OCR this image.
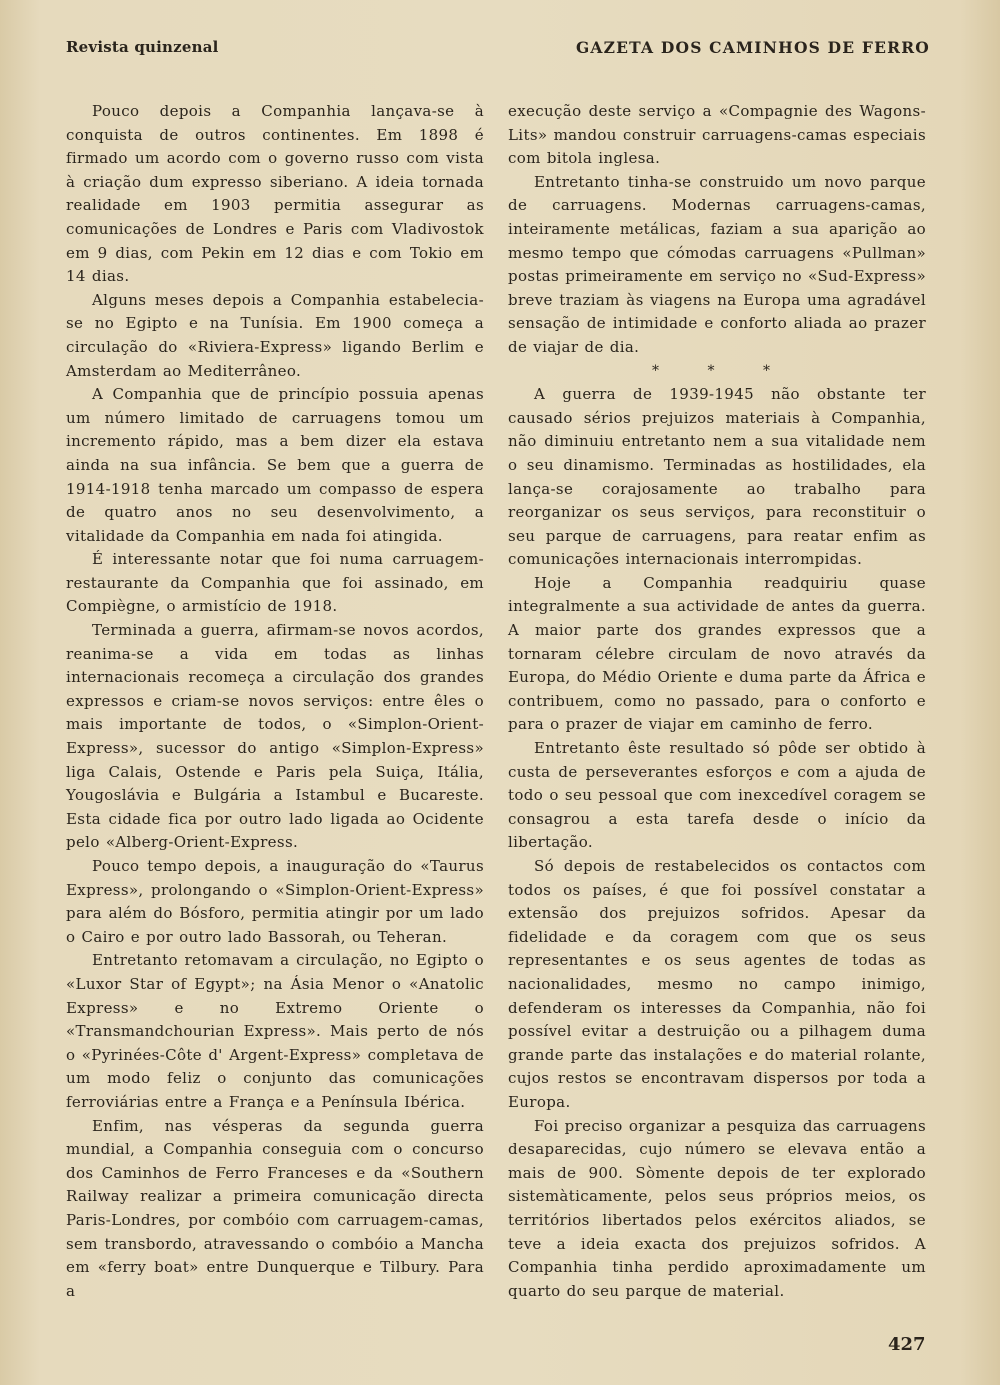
Revista quinzenal	GAZETA DOS CAMINHOS DE FERRO

Pouco depois a Companhia lançava-se à conquista de outros continentes. Em 1898 é firmado um acordo com o governo russo com vista à criação dum expresso siberiano. A ideia tornada realidade em 1903 permitia assegurar as comunicações de Londres e Paris com Vladivostok em 9 dias, com Pekin em 12 dias e com Tokio em 14 dias.

Alguns meses depois a Companhia estabelecia-se no Egipto e na Tunísia. Em 1900 começa a circulação do «Riviera-Express» ligando Berlim e Amsterdam ao Mediterrâneo.

A Companhia que de princípio possuia apenas um número limitado de carruagens tomou um incremento rápido, mas a bem dizer ela estava ainda na sua infância. Se bem que a guerra de 1914-1918 tenha marcado um compasso de espera de quatro anos no seu desenvolvimento, a vitalidade da Companhia em nada foi atingida.

É interessante notar que foi numa carruagem-restaurante da Companhia que foi assinado, em Compiègne, o armistício de 1918.

Terminada a guerra, afirmam-se novos acordos, reanima-se a vida em todas as linhas internacionais recomeça a circulação dos grandes expressos e criam-se novos serviços: entre êles o mais importante de todos, o «Simplon-Orient-Express», sucessor do antigo «Simplon-Express» liga Calais, Ostende e Paris pela Suiça, Itália, Yougoslávia e Bulgária a Istambul e Bucareste. Esta cidade fica por outro lado ligada ao Ocidente pelo «Alberg-Orient-Express.

Pouco tempo depois, a inauguração do «Taurus Express», prolongando o «Simplon-Orient-Express» para além do Bósforo, permitia atingir por um lado o Cairo e por outro lado Bassorah, ou Teheran.

Entretanto retomavam a circulação, no Egipto o «Luxor Star of Egypt»; na Ásia Menor o «Anatolic Express» e no Extremo Oriente o «Transmandchourian Express». Mais perto de nós o «Pyrinées-Côte d' Argent-Express» completava de um modo feliz o conjunto das comunicações ferroviárias entre a França e a Península Ibérica.

Enfim, nas vésperas da segunda guerra mundial, a Companhia conseguia com o concurso dos Caminhos de Ferro Franceses e da «Southern Railway realizar a primeira comunicação directa Paris-Londres, por combóio com carruagem-camas, sem transbordo, atravessando o combóio a Mancha em «ferry boat» entre Dunquerque e Tilbury. Para a

execução deste serviço a «Compagnie des Wagons-Lits» mandou construir carruagens-camas especiais com bitola inglesa.

Entretanto tinha-se construido um novo parque de carruagens. Modernas carruagens-camas, inteiramente metálicas, faziam a sua aparição ao mesmo tempo que cómodas carruagens «Pullman» postas primeiramente em serviço no «Sud-Express» breve traziam às viagens na Europa uma agradável sensação de intimidade e conforto aliada ao prazer de viajar de dia.

* * *

A guerra de 1939-1945 não obstante ter causado sérios prejuizos materiais à Companhia, não diminuiu entretanto nem a sua vitalidade nem o seu dinamismo. Terminadas as hostilidades, ela lança-se corajosamente ao trabalho para reorganizar os seus serviços, para reconstituir o seu parque de carruagens, para reatar enfim as comunicações internacionais interrompidas.

Hoje a Companhia readquiriu quase integralmente a sua actividade de antes da guerra. A maior parte dos grandes expressos que a tornaram célebre circulam de novo através da Europa, do Médio Oriente e duma parte da África e contribuem, como no passado, para o conforto e para o prazer de viajar em caminho de ferro.

Entretanto êste resultado só pôde ser obtido à custa de perseverantes esforços e com a ajuda de todo o seu pessoal que com inexcedível coragem se consagrou a esta tarefa desde o início da libertação.

Só depois de restabelecidos os contactos com todos os países, é que foi possível constatar a extensão dos prejuizos sofridos. Apesar da fidelidade e da coragem com que os seus representantes e os seus agentes de todas as nacionalidades, mesmo no campo inimigo, defenderam os interesses da Companhia, não foi possível evitar a destruição ou a pilhagem duma grande parte das instalações e do material rolante, cujos restos se encontravam dispersos por toda a Europa.

Foi preciso organizar a pesquiza das carruagens desaparecidas, cujo número se elevava então a mais de 900. Sòmente depois de ter explorado sistemàticamente, pelos seus próprios meios, os territórios libertados pelos exércitos aliados, se teve a ideia exacta dos prejuizos sofridos. A Companhia tinha perdido aproximadamente um quarto do seu parque de material.

427
